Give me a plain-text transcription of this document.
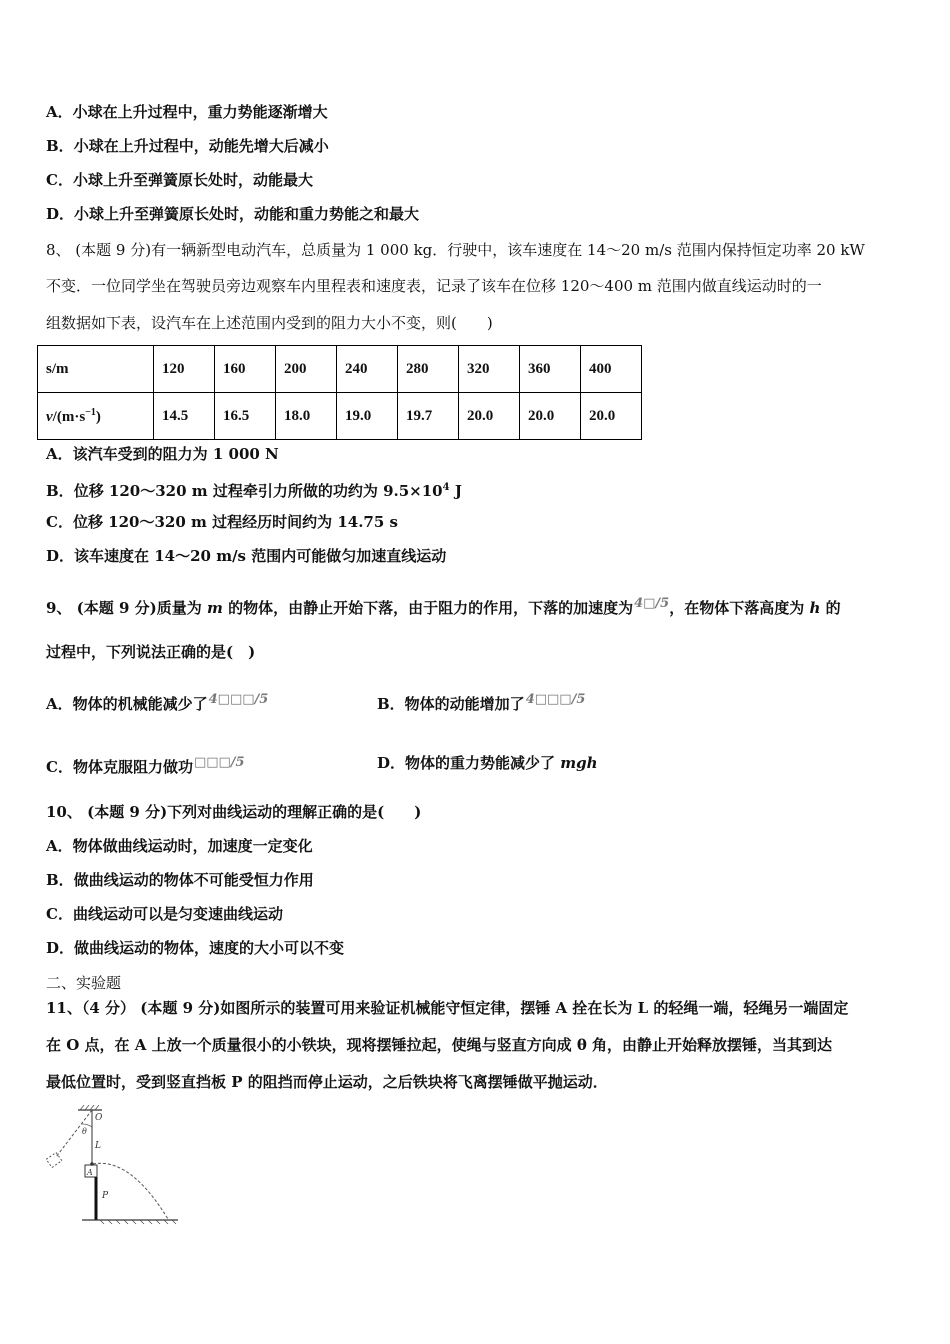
A．小球在上升过程中，重力势能逐渐增大
B．小球在上升过程中，动能先增大后减小
C．小球上升至弹簧原长处时，动能最大
D．小球上升至弹簧原长处时，动能和重力势能之和最大
8、 (本题 9 分)有一辆新型电动汽车，总质量为 1 000 kg．行驶中，该车速度在 14～20 m/s 范围内保持恒定功率 20 kW
不变．一位同学坐在驾驶员旁边观察车内里程表和速度表，记录了该车在位移 120～400 m 范围内做直线运动时的一
组数据如下表，设汽车在上述范围内受到的阻力大小不变，则(　　)
s/m	120	160	200	240	280	320	360	400
$v/(m\cdot s^{-1})$	14.5	16.5	18.0	19.0	19.7	20.0	20.0	20.0
A．该汽车受到的阻力为 1 000 N
B．位移 120～320 m 过程牵引力所做的功约为 $9.5\times 10^4$ J
C．位移 120～320 m 过程经历时间约为 14.75 s
D．该车速度在 14～20 m/s 范围内可能做匀加速直线运动
9、 (本题 9 分)质量为 m 的物体，由静止开始下落，由于阻力的作用，下落的加速度为4□/5，在物体下落高度为 h 的
过程中，下列说法正确的是(　)
A．物体的机械能减少了4□□□/5	B．物体的动能增加了4□□□/5
C．物体克服阻力做功□□□/5	D．物体的重力势能减少了 mgh
10、 (本题 9 分)下列对曲线运动的理解正确的是(　　)
A．物体做曲线运动时，加速度一定变化
B．做曲线运动的物体不可能受恒力作用
C．曲线运动可以是匀变速曲线运动
D．做曲线运动的物体，速度的大小可以不变
二、实验题
11、（4 分） (本题 9 分)如图所示的装置可用来验证机械能守恒定律，摆锤 A 拴在长为 L 的轻绳一端，轻绳另一端固定
在 O 点，在 A 上放一个质量很小的小铁块，现将摆锤拉起，使绳与竖直方向成 θ 角，由静止开始释放摆锤，当其到达
最低位置时，受到竖直挡板 P 的阻挡而停止运动，之后铁块将飞离摆锤做平抛运动．
O
θ
L
A
P
